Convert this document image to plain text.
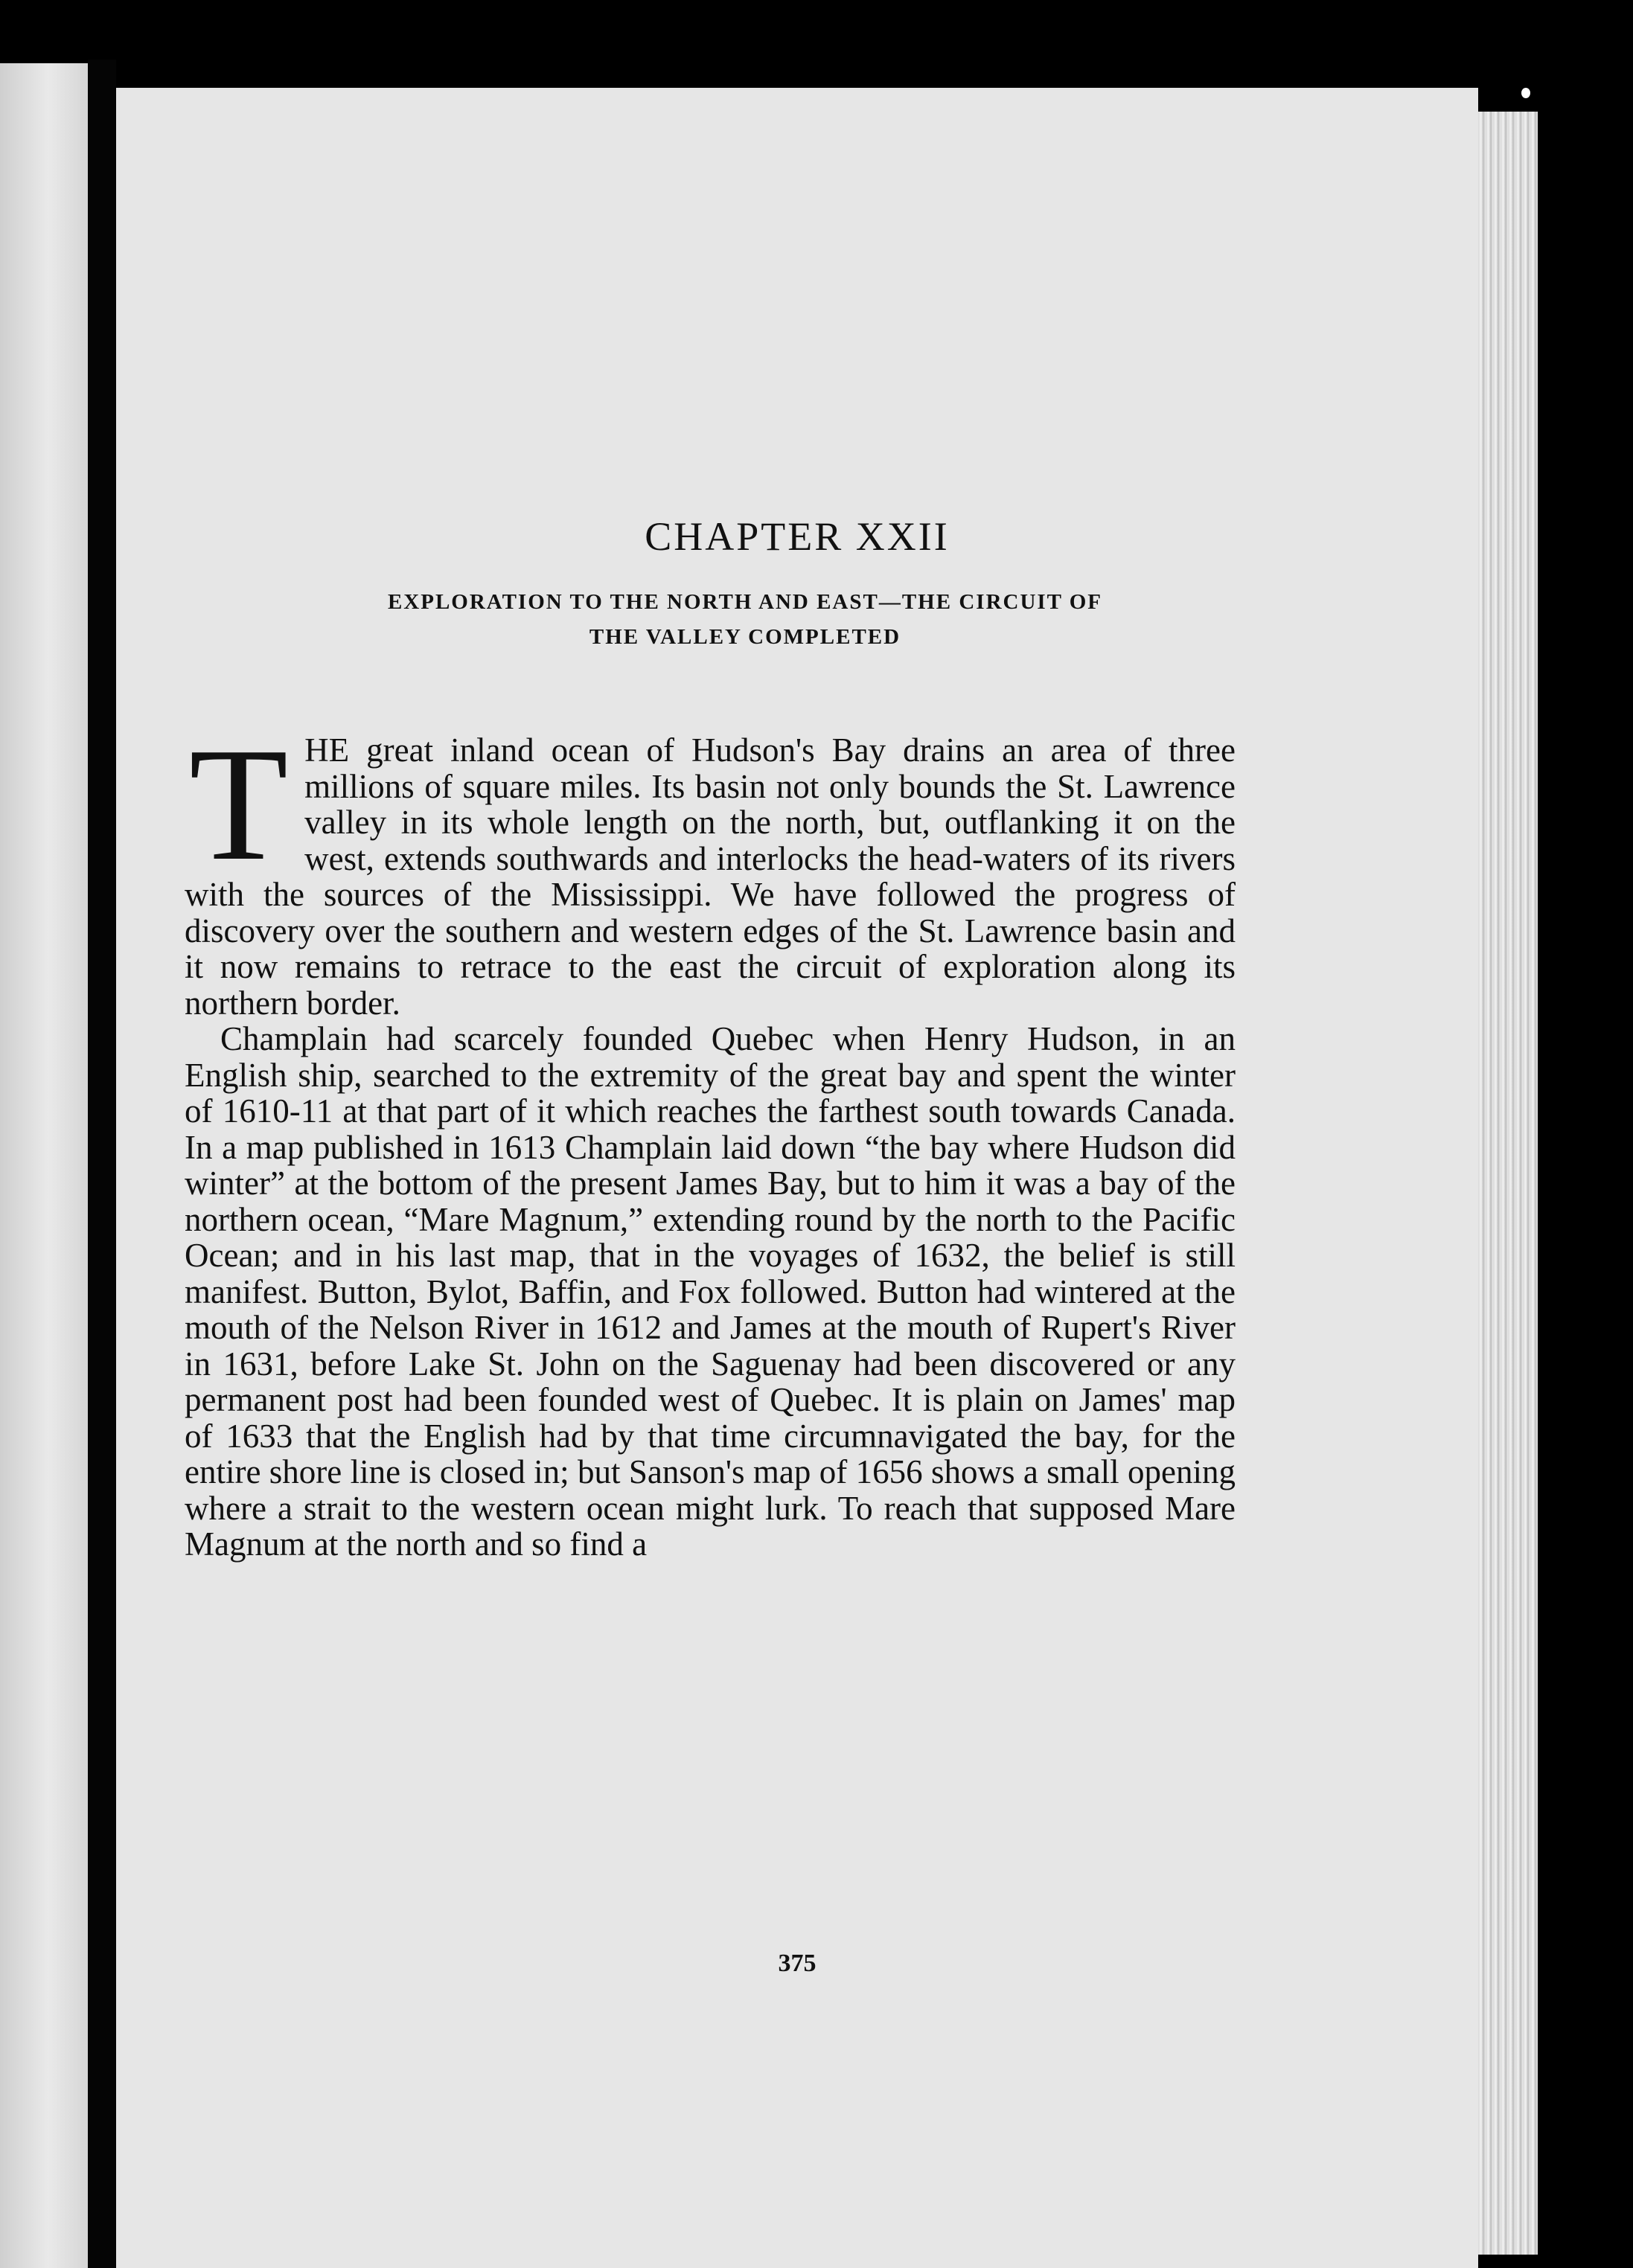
CHAPTER XXII
EXPLORATION TO THE NORTH AND EAST—THE CIRCUIT OF
THE VALLEY COMPLETED

THE great inland ocean of Hudson's Bay drains an area of three millions of square miles. Its basin not only bounds the St. Lawrence valley in its whole length on the north, but, outflanking it on the west, extends southwards and interlocks the head-waters of its rivers with the sources of the Mississippi. We have followed the progress of discovery over the southern and western edges of the St. Lawrence basin and it now remains to retrace to the east the circuit of exploration along its northern border.

Champlain had scarcely founded Quebec when Henry Hudson, in an English ship, searched to the extremity of the great bay and spent the winter of 1610-11 at that part of it which reaches the farthest south towards Canada. In a map published in 1613 Champlain laid down “the bay where Hudson did winter” at the bottom of the present James Bay, but to him it was a bay of the northern ocean, “Mare Magnum,” extending round by the north to the Pacific Ocean; and in his last map, that in the voyages of 1632, the belief is still manifest. Button, Bylot, Baffin, and Fox followed. Button had wintered at the mouth of the Nelson River in 1612 and James at the mouth of Rupert's River in 1631, before Lake St. John on the Saguenay had been discovered or any permanent post had been founded west of Quebec. It is plain on James' map of 1633 that the English had by that time circumnavigated the bay, for the entire shore line is closed in; but Sanson's map of 1656 shows a small opening where a strait to the western ocean might lurk. To reach that supposed Mare Magnum at the north and so find a

375
